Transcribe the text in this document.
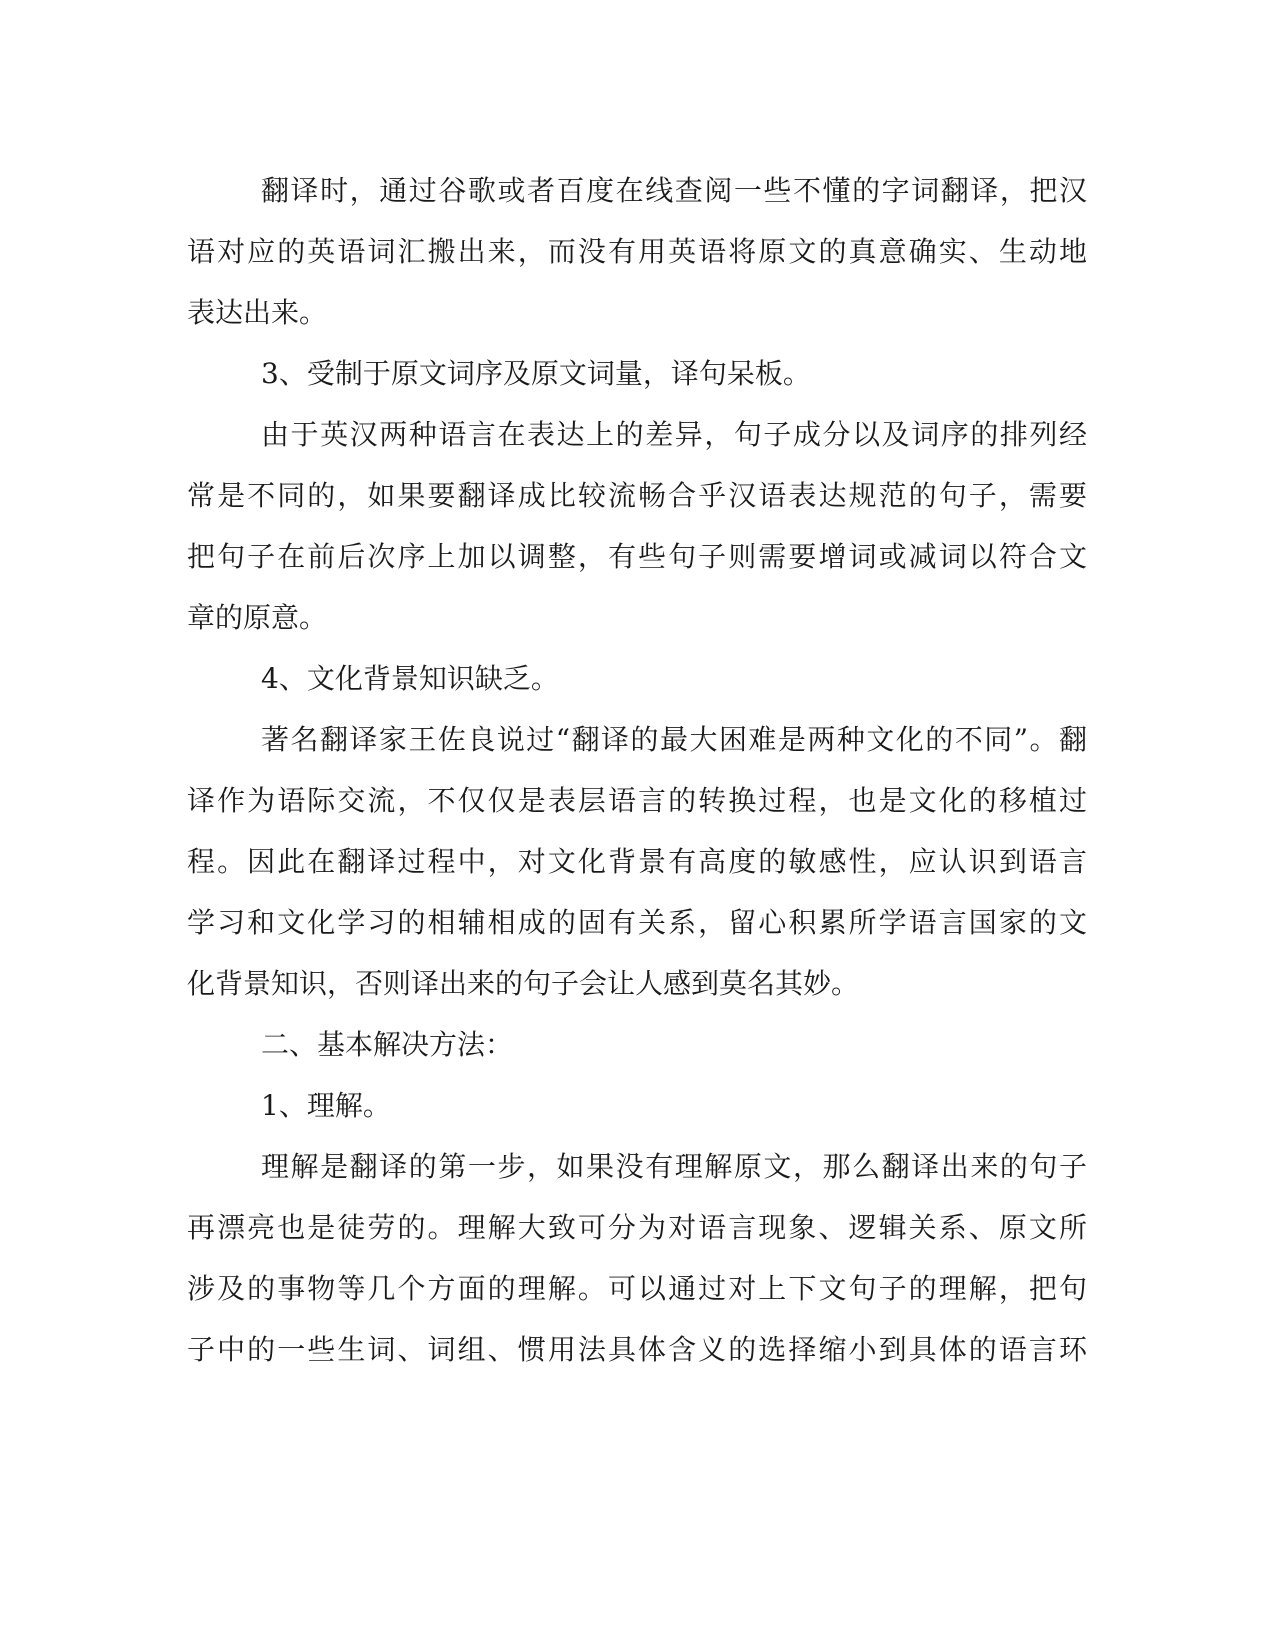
翻译时，通过谷歌或者百度在线查阅一些不懂的字词翻译，把汉
语对应的英语词汇搬出来，而没有用英语将原文的真意确实、生动地
表达出来。
3、受制于原文词序及原文词量，译句呆板。
由于英汉两种语言在表达上的差异，句子成分以及词序的排列经
常是不同的，如果要翻译成比较流畅合乎汉语表达规范的句子，需要
把句子在前后次序上加以调整，有些句子则需要增词或减词以符合文
章的原意。
4、文化背景知识缺乏。
著名翻译家王佐良说过“翻译的最大困难是两种文化的不同”。翻
译作为语际交流，不仅仅是表层语言的转换过程，也是文化的移植过
程。因此在翻译过程中，对文化背景有高度的敏感性，应认识到语言
学习和文化学习的相辅相成的固有关系，留心积累所学语言国家的文
化背景知识，否则译出来的句子会让人感到莫名其妙。
二、基本解决方法：
1、理解。
理解是翻译的第一步，如果没有理解原文，那么翻译出来的句子
再漂亮也是徒劳的。理解大致可分为对语言现象、逻辑关系、原文所
涉及的事物等几个方面的理解。可以通过对上下文句子的理解，把句
子中的一些生词、词组、惯用法具体含义的选择缩小到具体的语言环
